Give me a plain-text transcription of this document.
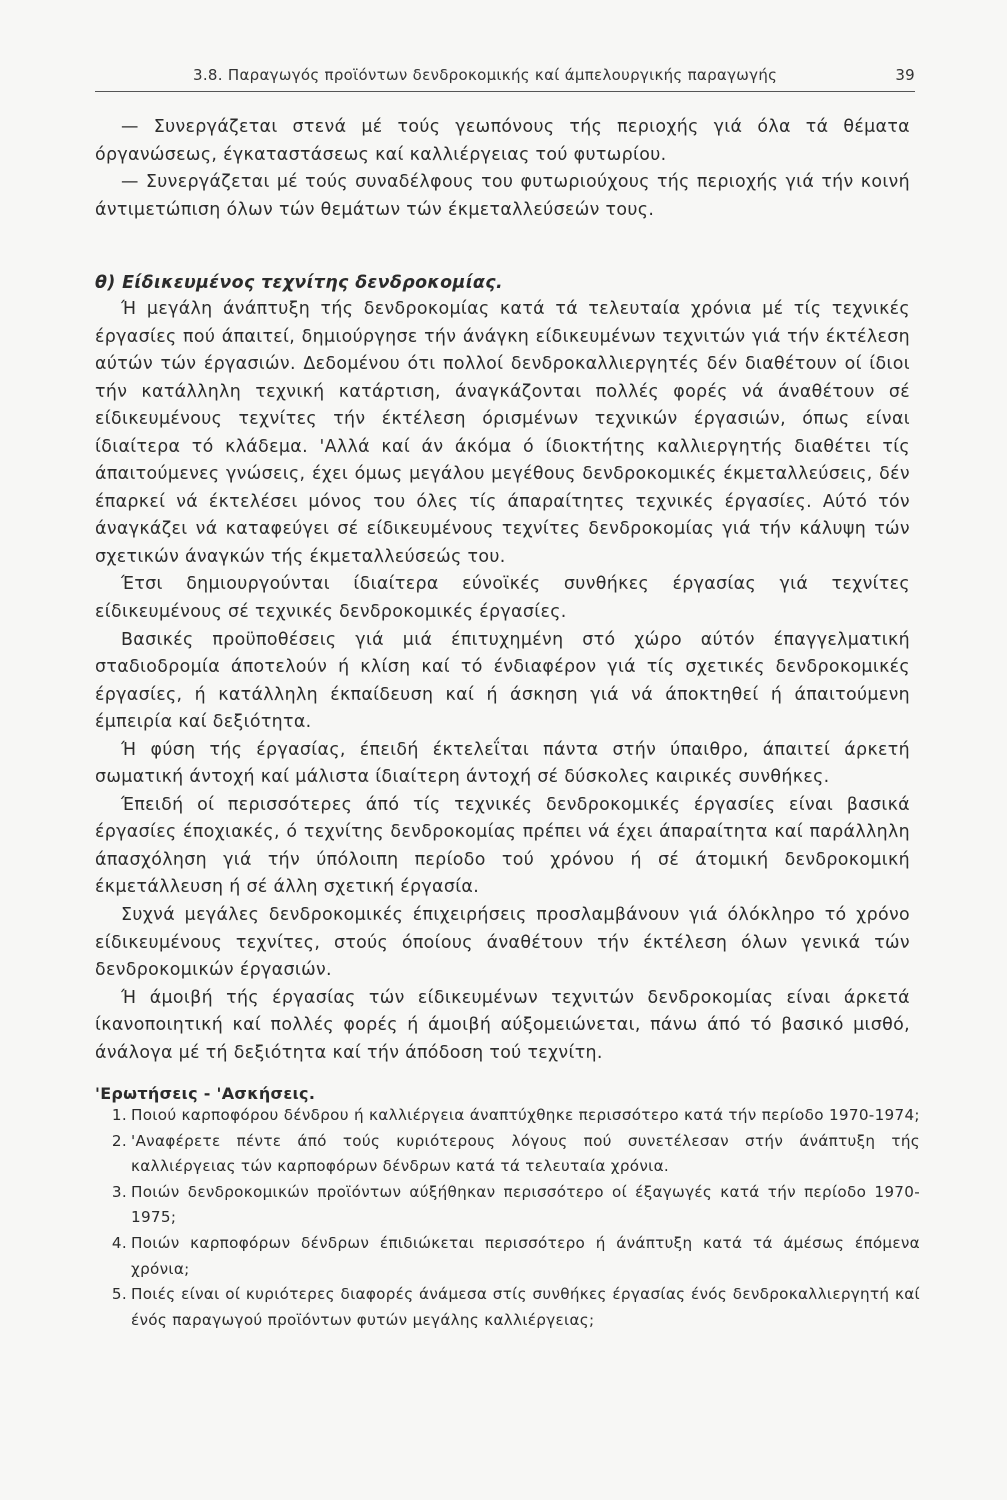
3.8. Παραγωγός προϊόντων δενδροκομικής καί άμπελουργικής παραγωγής	39

— Συνεργάζεται στενά μέ τούς γεωπόνους τής περιοχής γιά όλα τά θέματα όργανώσεως, έγκαταστάσεως καί καλλιέργειας τού φυτωρίου.

— Συνεργάζεται μέ τούς συναδέλφους του φυτωριούχους τής περιοχής γιά τήν κοινή άντιμετώπιση όλων τών θεμάτων τών έκμεταλλεύσεών τους.

θ) Είδικευμένος τεχνίτης δενδροκομίας.

Ή μεγάλη άνάπτυξη τής δενδροκομίας κατά τά τελευταία χρόνια μέ τίς τεχνικές έργασίες πού άπαιτεί, δημιούργησε τήν άνάγκη είδικευμένων τεχνιτών γιά τήν έκτέλεση αύτών τών έργασιών. Δεδομένου ότι πολλοί δενδροκαλλιεργητές δέν διαθέτουν οί ίδιοι τήν κατάλληλη τεχνική κατάρτιση, άναγκάζονται πολλές φορές νά άναθέτουν σέ είδικευμένους τεχνίτες τήν έκτέλεση όρισμένων τεχνικών έργασιών, όπως είναι ίδιαίτερα τό κλάδεμα. 'Αλλά καί άν άκόμα ό ίδιοκτήτης καλλιεργητής διαθέτει τίς άπαιτούμενες γνώσεις, έχει όμως μεγάλου μεγέθους δενδροκομικές έκμεταλλεύσεις, δέν έπαρκεί νά έκτελέσει μόνος του όλες τίς άπαραίτητες τεχνικές έργασίες. Αύτό τόν άναγκάζει νά καταφεύγει σέ είδικευμένους τεχνίτες δενδροκομίας γιά τήν κάλυψη τών σχετικών άναγκών τής έκμεταλλεύσεώς του.

Έτσι δημιουργούνται ίδιαίτερα εύνοϊκές συνθήκες έργασίας γιά τεχνίτες είδικευμένους σέ τεχνικές δενδροκομικές έργασίες.

Βασικές προϋποθέσεις γιά μιά έπιτυχημένη στό χώρο αύτόν έπαγγελματική σταδιοδρομία άποτελούν ή κλίση καί τό ένδιαφέρον γιά τίς σχετικές δενδροκομικές έργασίες, ή κατάλληλη έκπαίδευση καί ή άσκηση γιά νά άποκτηθεί ή άπαιτούμενη έμπειρία καί δεξιότητα.

Ή φύση τής έργασίας, έπειδή έκτελεΐται πάντα στήν ύπαιθρο, άπαιτεί άρκετή σωματική άντοχή καί μάλιστα ίδιαίτερη άντοχή σέ δύσκολες καιρικές συνθήκες.

Έπειδή οί περισσότερες άπό τίς τεχνικές δενδροκομικές έργασίες είναι βασικά έργασίες έποχιακές, ό τεχνίτης δενδροκομίας πρέπει νά έχει άπαραίτητα καί παράλληλη άπασχόληση γιά τήν ύπόλοιπη περίοδο τού χρόνου ή σέ άτομική δενδροκομική έκμετάλλευση ή σέ άλλη σχετική έργασία.

Συχνά μεγάλες δενδροκομικές έπιχειρήσεις προσλαμβάνουν γιά όλόκληρο τό χρόνο είδικευμένους τεχνίτες, στούς όποίους άναθέτουν τήν έκτέλεση όλων γενικά τών δενδροκομικών έργασιών.

Ή άμοιβή τής έργασίας τών είδικευμένων τεχνιτών δενδροκομίας είναι άρκετά ίκανοποιητική καί πολλές φορές ή άμοιβή αύξομειώνεται, πάνω άπό τό βασικό μισθό, άνάλογα μέ τή δεξιότητα καί τήν άπόδοση τού τεχνίτη.

'Ερωτήσεις - 'Ασκήσεις.
1. Ποιού καρποφόρου δένδρου ή καλλιέργεια άναπτύχθηκε περισσότερο κατά τήν περίοδο 1970-1974;
2. 'Αναφέρετε πέντε άπό τούς κυριότερους λόγους πού συνετέλεσαν στήν άνάπτυξη τής καλλιέργειας τών καρποφόρων δένδρων κατά τά τελευταία χρόνια.
3. Ποιών δενδροκομικών προϊόντων αύξήθηκαν περισσότερο οί έξαγωγές κατά τήν περίοδο 1970-1975;
4. Ποιών καρποφόρων δένδρων έπιδιώκεται περισσότερο ή άνάπτυξη κατά τά άμέσως έπόμενα χρόνια;
5. Ποιές είναι οί κυριότερες διαφορές άνάμεσα στίς συνθήκες έργασίας ένός δενδροκαλλιεργητή καί ένός παραγωγού προϊόντων φυτών μεγάλης καλλιέργειας;
